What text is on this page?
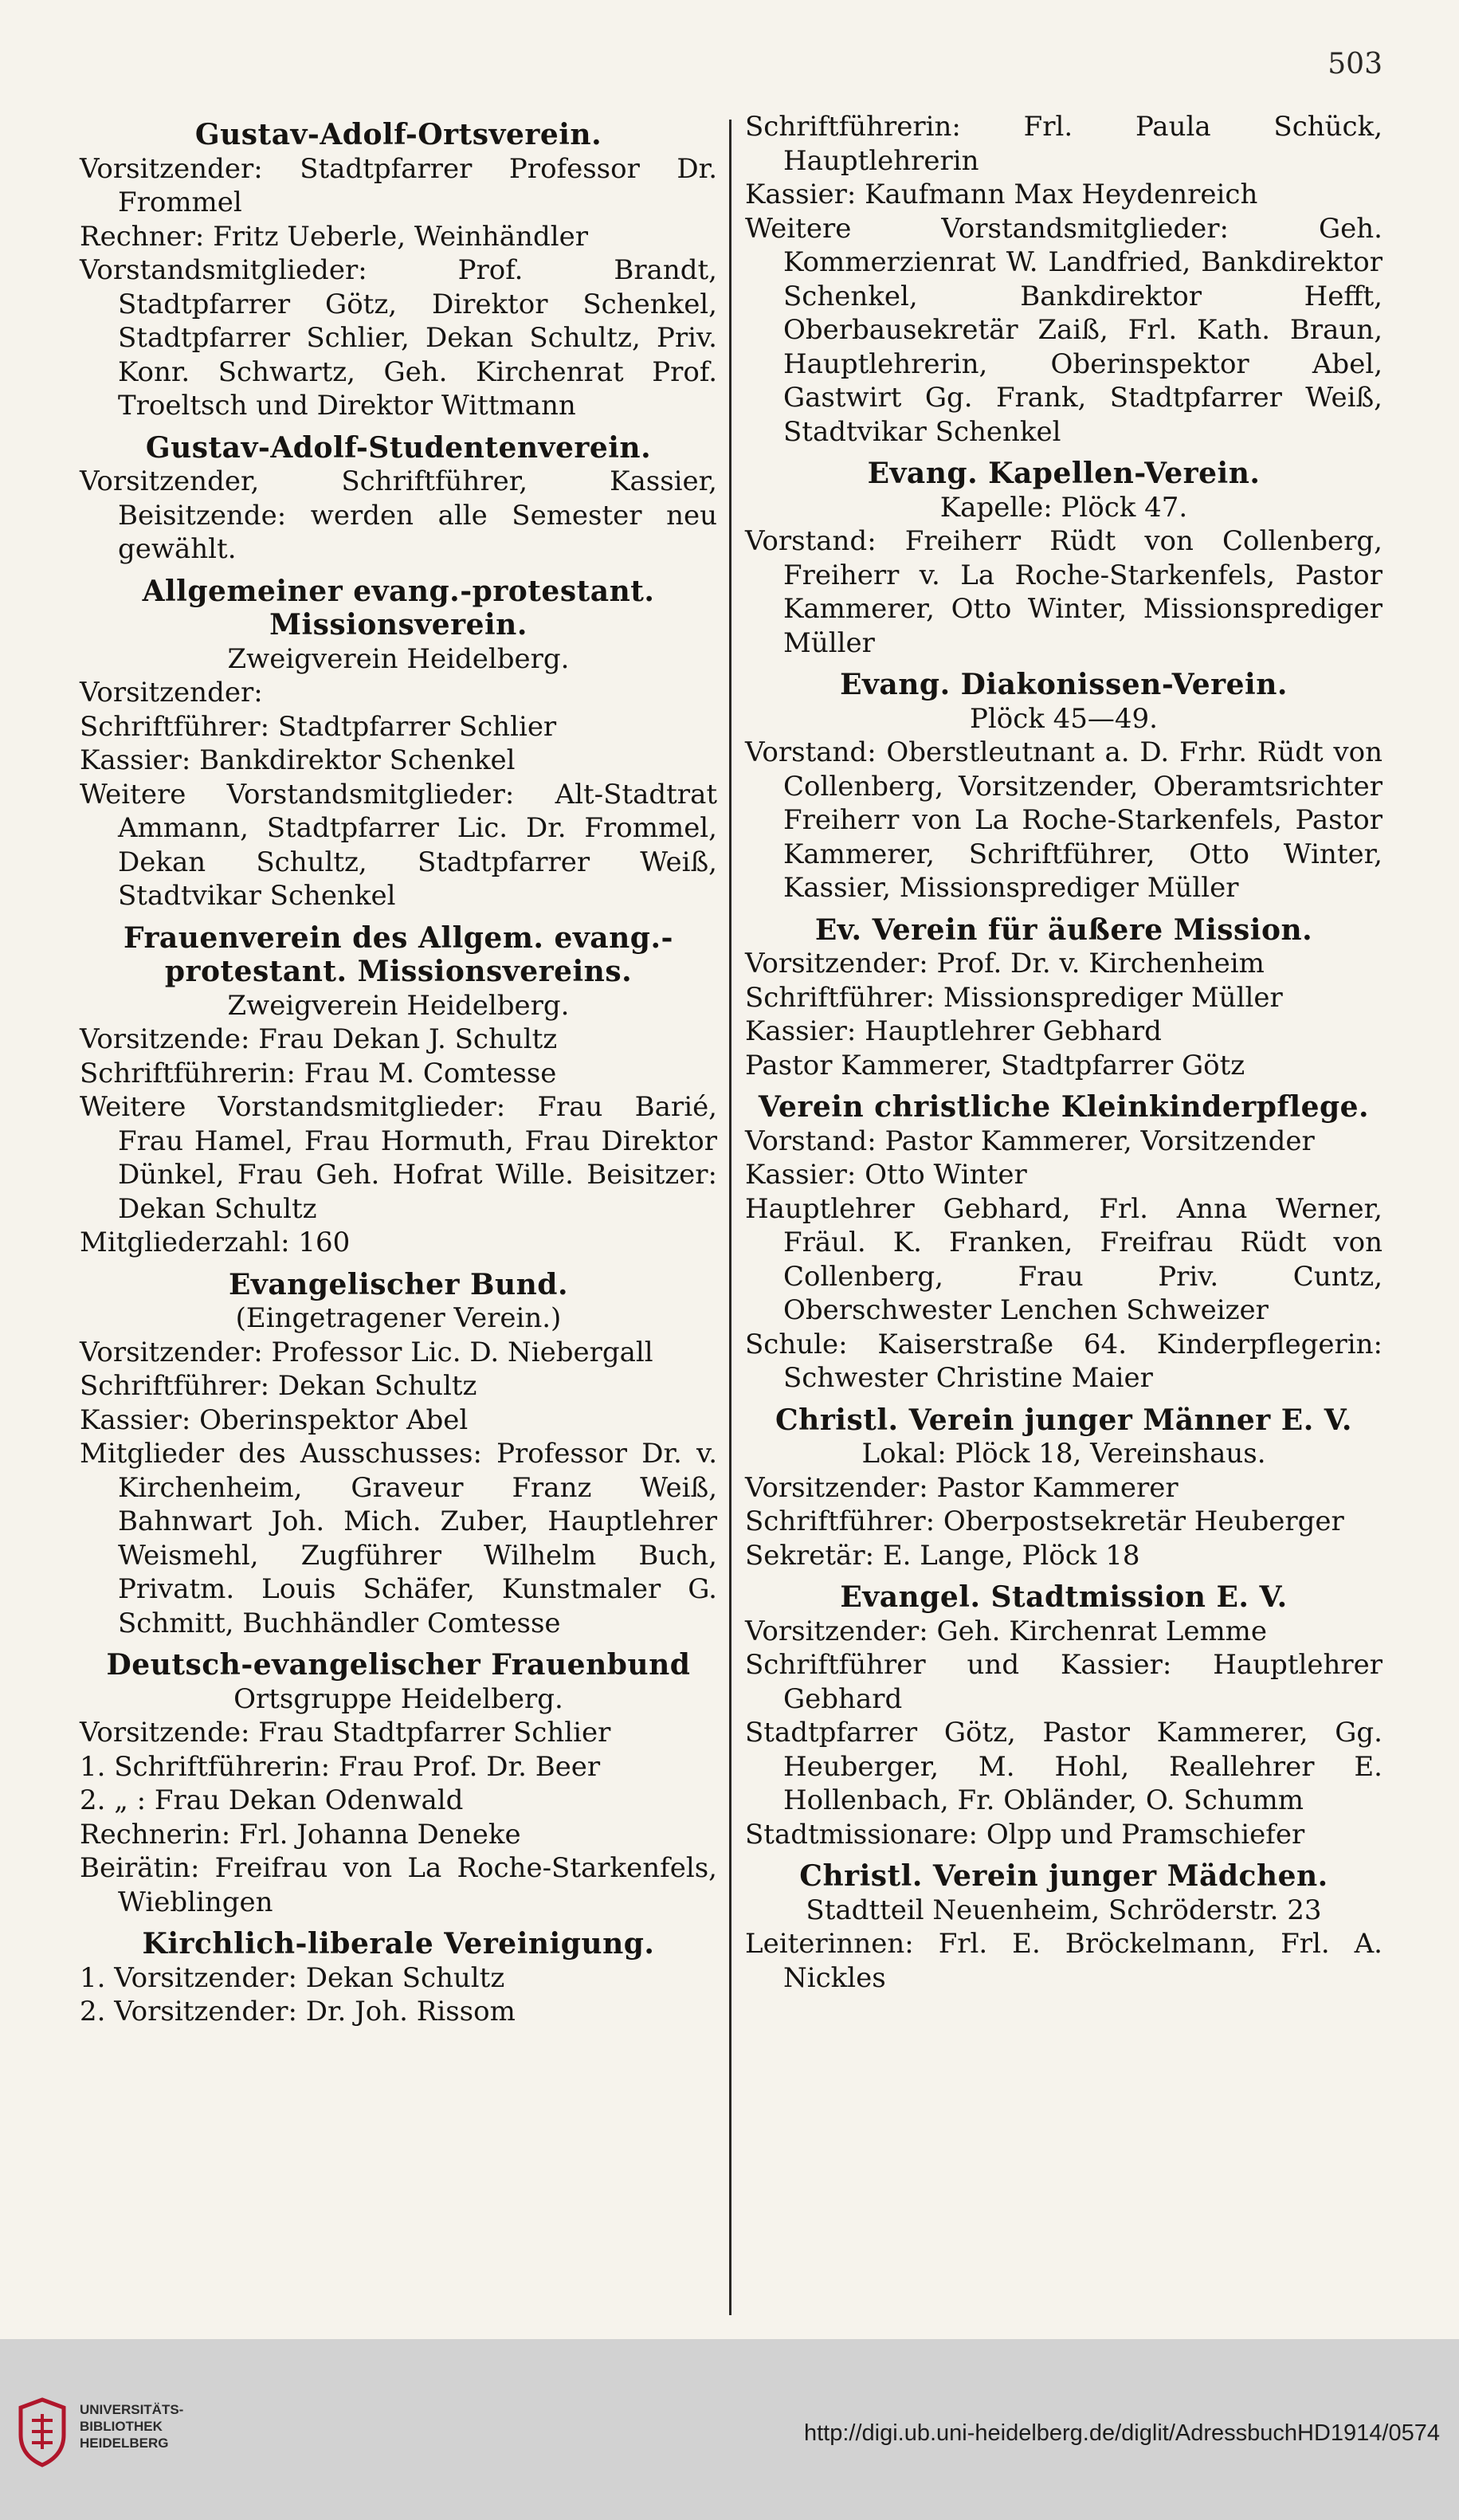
503
Gustav-Adolf-Ortsverein.
Vorsitzender: Stadtpfarrer Professor Dr. Frommel
Rechner: Fritz Ueberle, Weinhändler
Vorstandsmitglieder: Prof. Brandt, Stadtpfarrer Götz, Direktor Schenkel, Stadtpfarrer Schlier, Dekan Schultz, Priv. Konr. Schwartz, Geh. Kirchenrat Prof. Troeltsch und Direktor Wittmann
Gustav-Adolf-Studentenverein.
Vorsitzender, Schriftführer, Kassier, Beisitzende: werden alle Semester neu gewählt.
Allgemeiner evang.-protestant. Missionsverein.
Zweigverein Heidelberg.
Vorsitzender:
Schriftführer: Stadtpfarrer Schlier
Kassier: Bankdirektor Schenkel
Weitere Vorstandsmitglieder: Alt-Stadtrat Ammann, Stadtpfarrer Lic. Dr. Frommel, Dekan Schultz, Stadtpfarrer Weiß, Stadtvikar Schenkel
Frauenverein des Allgem. evang.-protestant. Missionsvereins.
Zweigverein Heidelberg.
Vorsitzende: Frau Dekan J. Schultz
Schriftführerin: Frau M. Comtesse
Weitere Vorstandsmitglieder: Frau Barié, Frau Hamel, Frau Hormuth, Frau Direktor Dünkel, Frau Geh. Hofrat Wille. Beisitzer: Dekan Schultz
Mitgliederzahl: 160
Evangelischer Bund.
(Eingetragener Verein.)
Vorsitzender: Professor Lic. D. Niebergall
Schriftführer: Dekan Schultz
Kassier: Oberinspektor Abel
Mitglieder des Ausschusses: Professor Dr. v. Kirchenheim, Graveur Franz Weiß, Bahnwart Joh. Mich. Zuber, Hauptlehrer Weismehl, Zugführer Wilhelm Buch, Privatm. Louis Schäfer, Kunstmaler G. Schmitt, Buchhändler Comtesse
Deutsch-evangelischer Frauenbund
Ortsgruppe Heidelberg.
Vorsitzende: Frau Stadtpfarrer Schlier
1. Schriftführerin: Frau Prof. Dr. Beer
2. „ : Frau Dekan Odenwald
Rechnerin: Frl. Johanna Deneke
Beirätin: Freifrau von La Roche-Starkenfels, Wieblingen
Kirchlich-liberale Vereinigung.
1. Vorsitzender: Dekan Schultz
2. Vorsitzender: Dr. Joh. Rissom
Schriftführerin: Frl. Paula Schück, Hauptlehrerin
Kassier: Kaufmann Max Heydenreich
Weitere Vorstandsmitglieder: Geh. Kommerzienrat W. Landfried, Bankdirektor Schenkel, Bankdirektor Hefft, Oberbausekretär Zaiß, Frl. Kath. Braun, Hauptlehrerin, Oberinspektor Abel, Gastwirt Gg. Frank, Stadtpfarrer Weiß, Stadtvikar Schenkel
Evang. Kapellen-Verein.
Kapelle: Plöck 47.
Vorstand: Freiherr Rüdt von Collenberg, Freiherr v. La Roche-Starkenfels, Pastor Kammerer, Otto Winter, Missionsprediger Müller
Evang. Diakonissen-Verein.
Plöck 45—49.
Vorstand: Oberstleutnant a. D. Frhr. Rüdt von Collenberg, Vorsitzender, Oberamtsrichter Freiherr von La Roche-Starkenfels, Pastor Kammerer, Schriftführer, Otto Winter, Kassier, Missionsprediger Müller
Ev. Verein für äußere Mission.
Vorsitzender: Prof. Dr. v. Kirchenheim
Schriftführer: Missionsprediger Müller
Kassier: Hauptlehrer Gebhard
Pastor Kammerer, Stadtpfarrer Götz
Verein christliche Kleinkinderpflege.
Vorstand: Pastor Kammerer, Vorsitzender
Kassier: Otto Winter
Hauptlehrer Gebhard, Frl. Anna Werner, Fräul. K. Franken, Freifrau Rüdt von Collenberg, Frau Priv. Cuntz, Oberschwester Lenchen Schweizer
Schule: Kaiserstraße 64. Kinderpflegerin: Schwester Christine Maier
Christl. Verein junger Männer E. V.
Lokal: Plöck 18, Vereinshaus.
Vorsitzender: Pastor Kammerer
Schriftführer: Oberpostsekretär Heuberger
Sekretär: E. Lange, Plöck 18
Evangel. Stadtmission E. V.
Vorsitzender: Geh. Kirchenrat Lemme
Schriftführer und Kassier: Hauptlehrer Gebhard
Stadtpfarrer Götz, Pastor Kammerer, Gg. Heuberger, M. Hohl, Reallehrer E. Hollenbach, Fr. Obländer, O. Schumm
Stadtmissionare: Olpp und Pramschiefer
Christl. Verein junger Mädchen.
Stadtteil Neuenheim, Schröderstr. 23
Leiterinnen: Frl. E. Bröckelmann, Frl. A. Nickles
UNIVERSITÄTS-
BIBLIOTHEK
HEIDELBERG	http://digi.ub.uni-heidelberg.de/diglit/AdressbuchHD1914/0574
